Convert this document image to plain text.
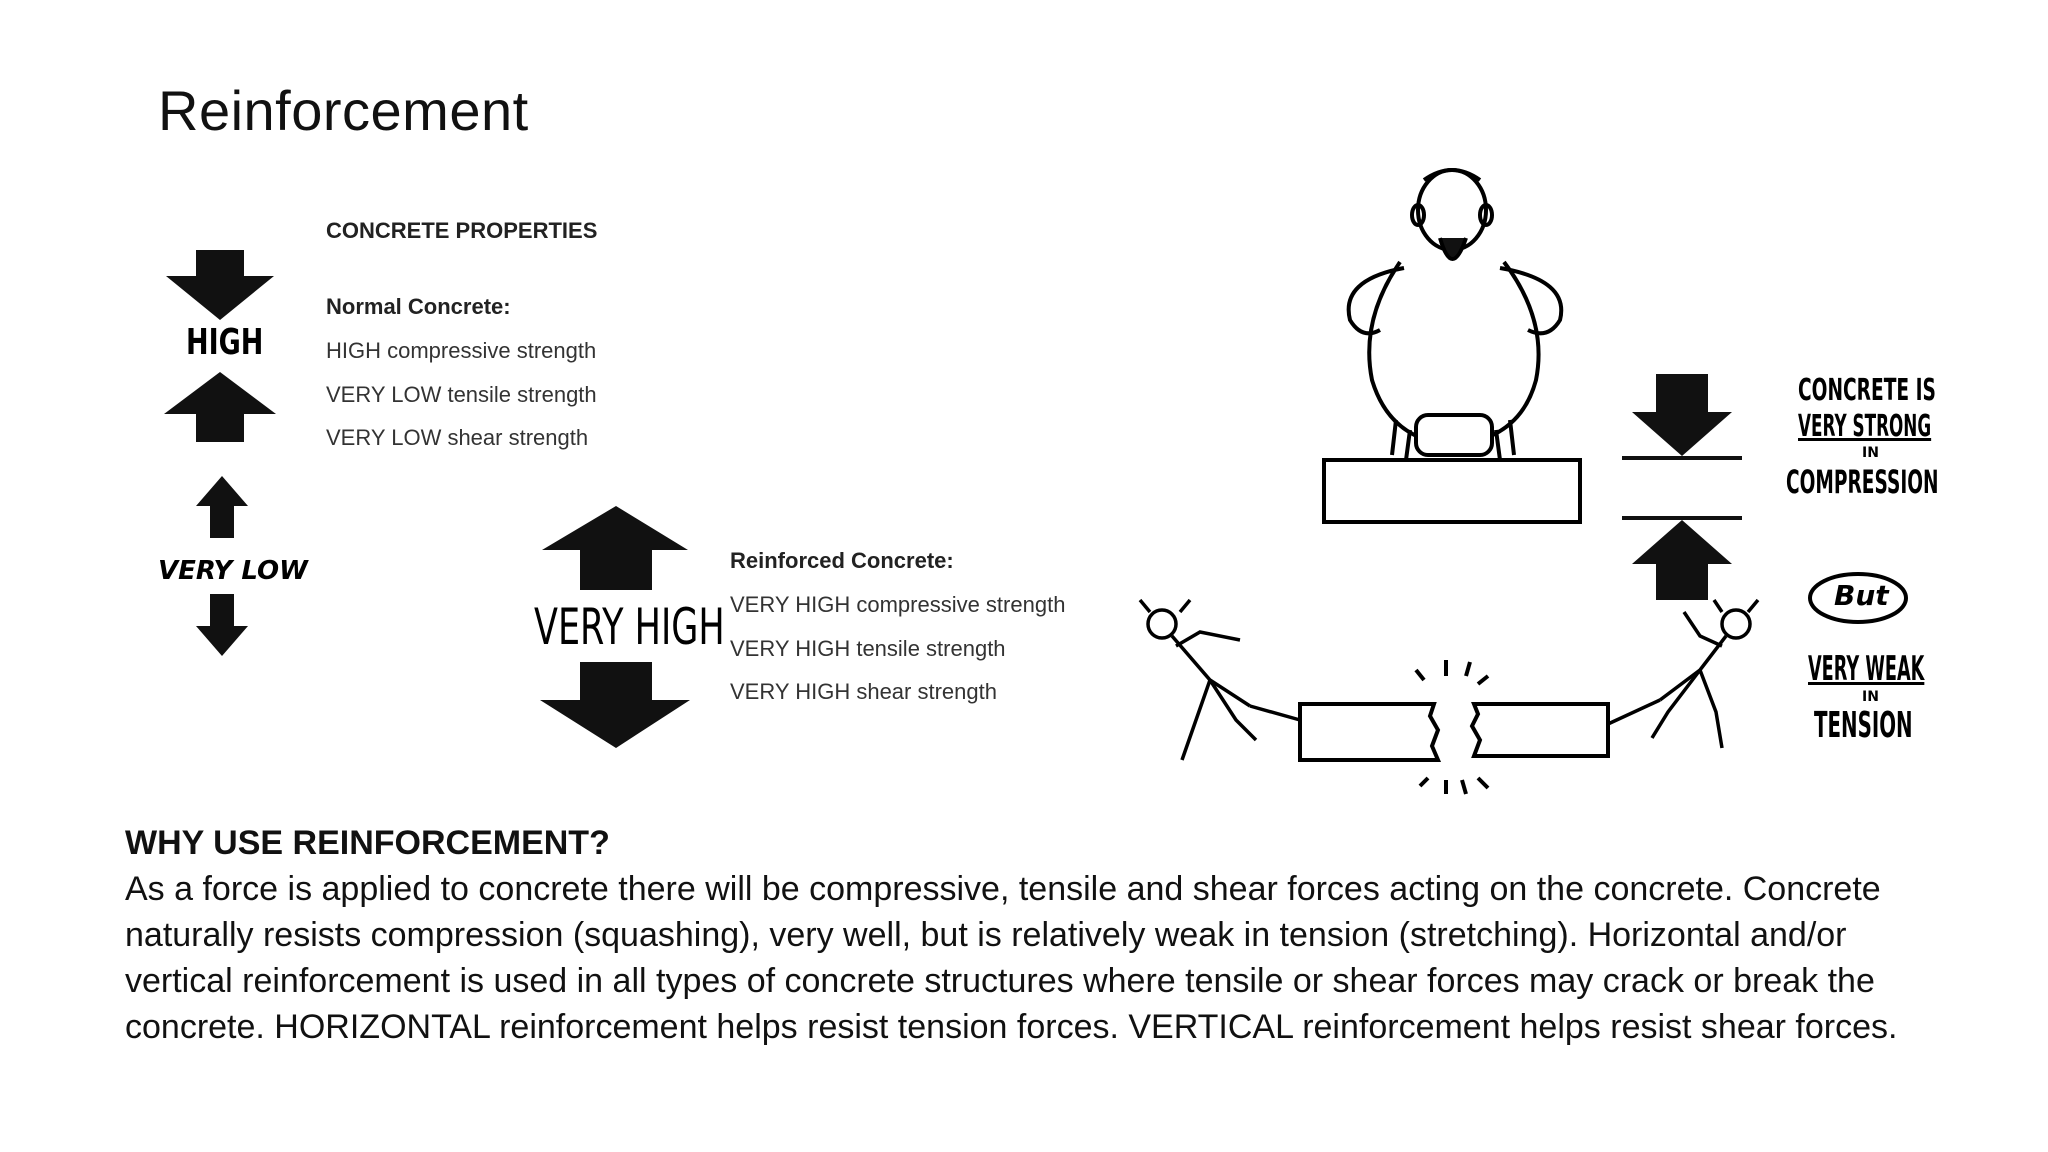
Reinforcement
HIGH
VERY LOW
VERY HIGH
CONCRETE PROPERTIES
Normal Concrete:
HIGH compressive strength
VERY LOW tensile strength
VERY LOW shear strength
Reinforced Concrete:
VERY HIGH compressive strength
VERY HIGH tensile strength
VERY HIGH shear strength
CONCRETE IS
VERY STRONG
IN
COMPRESSION
But
VERY WEAK
IN
TENSION
WHY USE REINFORCEMENT?
As a force is applied to concrete there will be compressive, tensile and shear forces acting on the concrete. Concrete naturally resists compression (squashing), very well, but is relatively weak in tension (stretching). Horizontal and/or vertical reinforcement is used in all types of concrete structures where tensile or shear forces may crack or break the concrete. HORIZONTAL reinforcement helps resist tension forces. VERTICAL reinforcement helps resist shear forces.
